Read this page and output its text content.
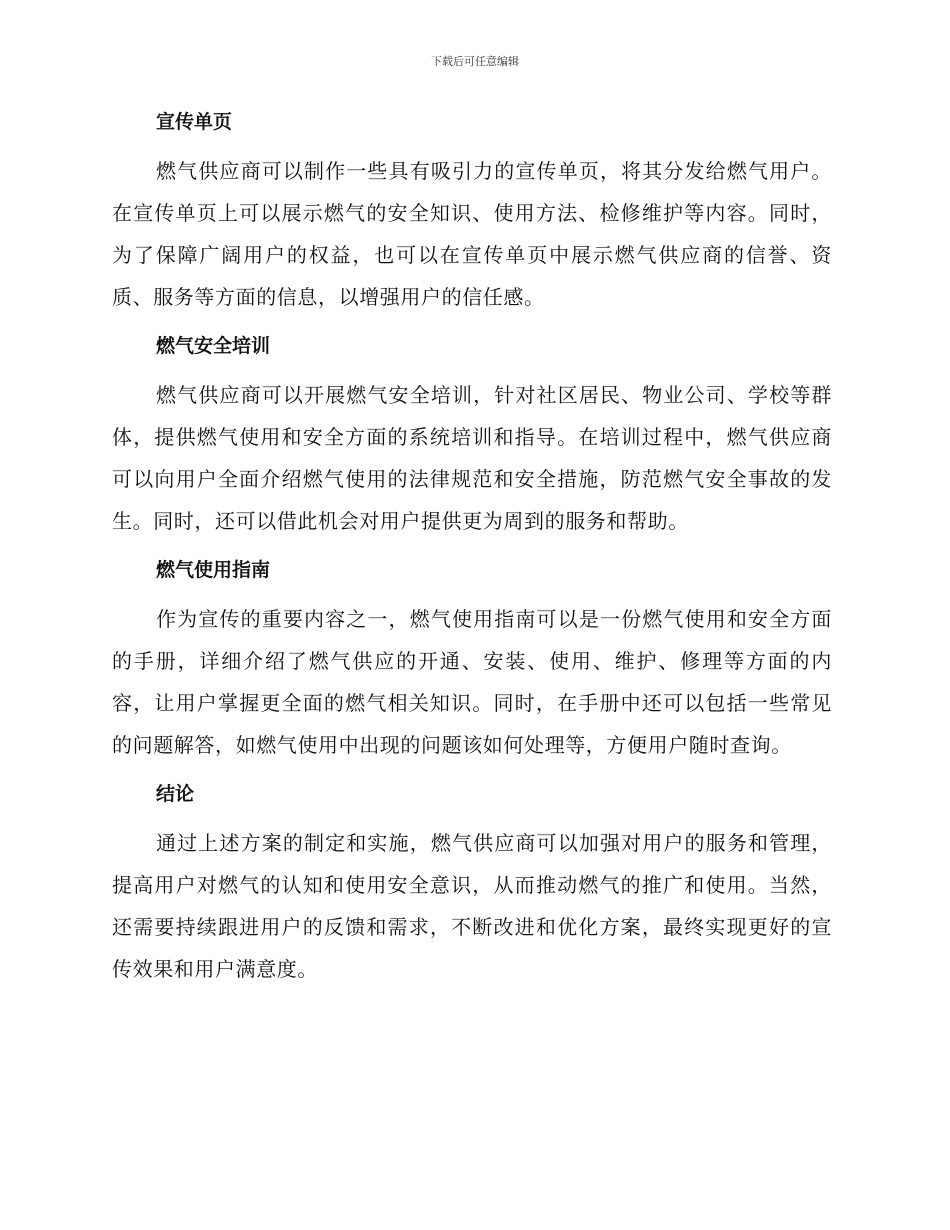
下载后可任意编辑
宣传单页

燃气供应商可以制作一些具有吸引力的宣传单页，将其分发给燃气用户。在宣传单页上可以展示燃气的安全知识、使用方法、检修维护等内容。同时，为了保障广阔用户的权益，也可以在宣传单页中展示燃气供应商的信誉、资质、服务等方面的信息，以增强用户的信任感。

燃气安全培训

燃气供应商可以开展燃气安全培训，针对社区居民、物业公司、学校等群体，提供燃气使用和安全方面的系统培训和指导。在培训过程中，燃气供应商可以向用户全面介绍燃气使用的法律规范和安全措施，防范燃气安全事故的发生。同时，还可以借此机会对用户提供更为周到的服务和帮助。

燃气使用指南

作为宣传的重要内容之一，燃气使用指南可以是一份燃气使用和安全方面的手册，详细介绍了燃气供应的开通、安装、使用、维护、修理等方面的内容，让用户掌握更全面的燃气相关知识。同时，在手册中还可以包括一些常见的问题解答，如燃气使用中出现的问题该如何处理等，方便用户随时查询。

结论

通过上述方案的制定和实施，燃气供应商可以加强对用户的服务和管理，提高用户对燃气的认知和使用安全意识，从而推动燃气的推广和使用。当然，还需要持续跟进用户的反馈和需求，不断改进和优化方案，最终实现更好的宣传效果和用户满意度。
